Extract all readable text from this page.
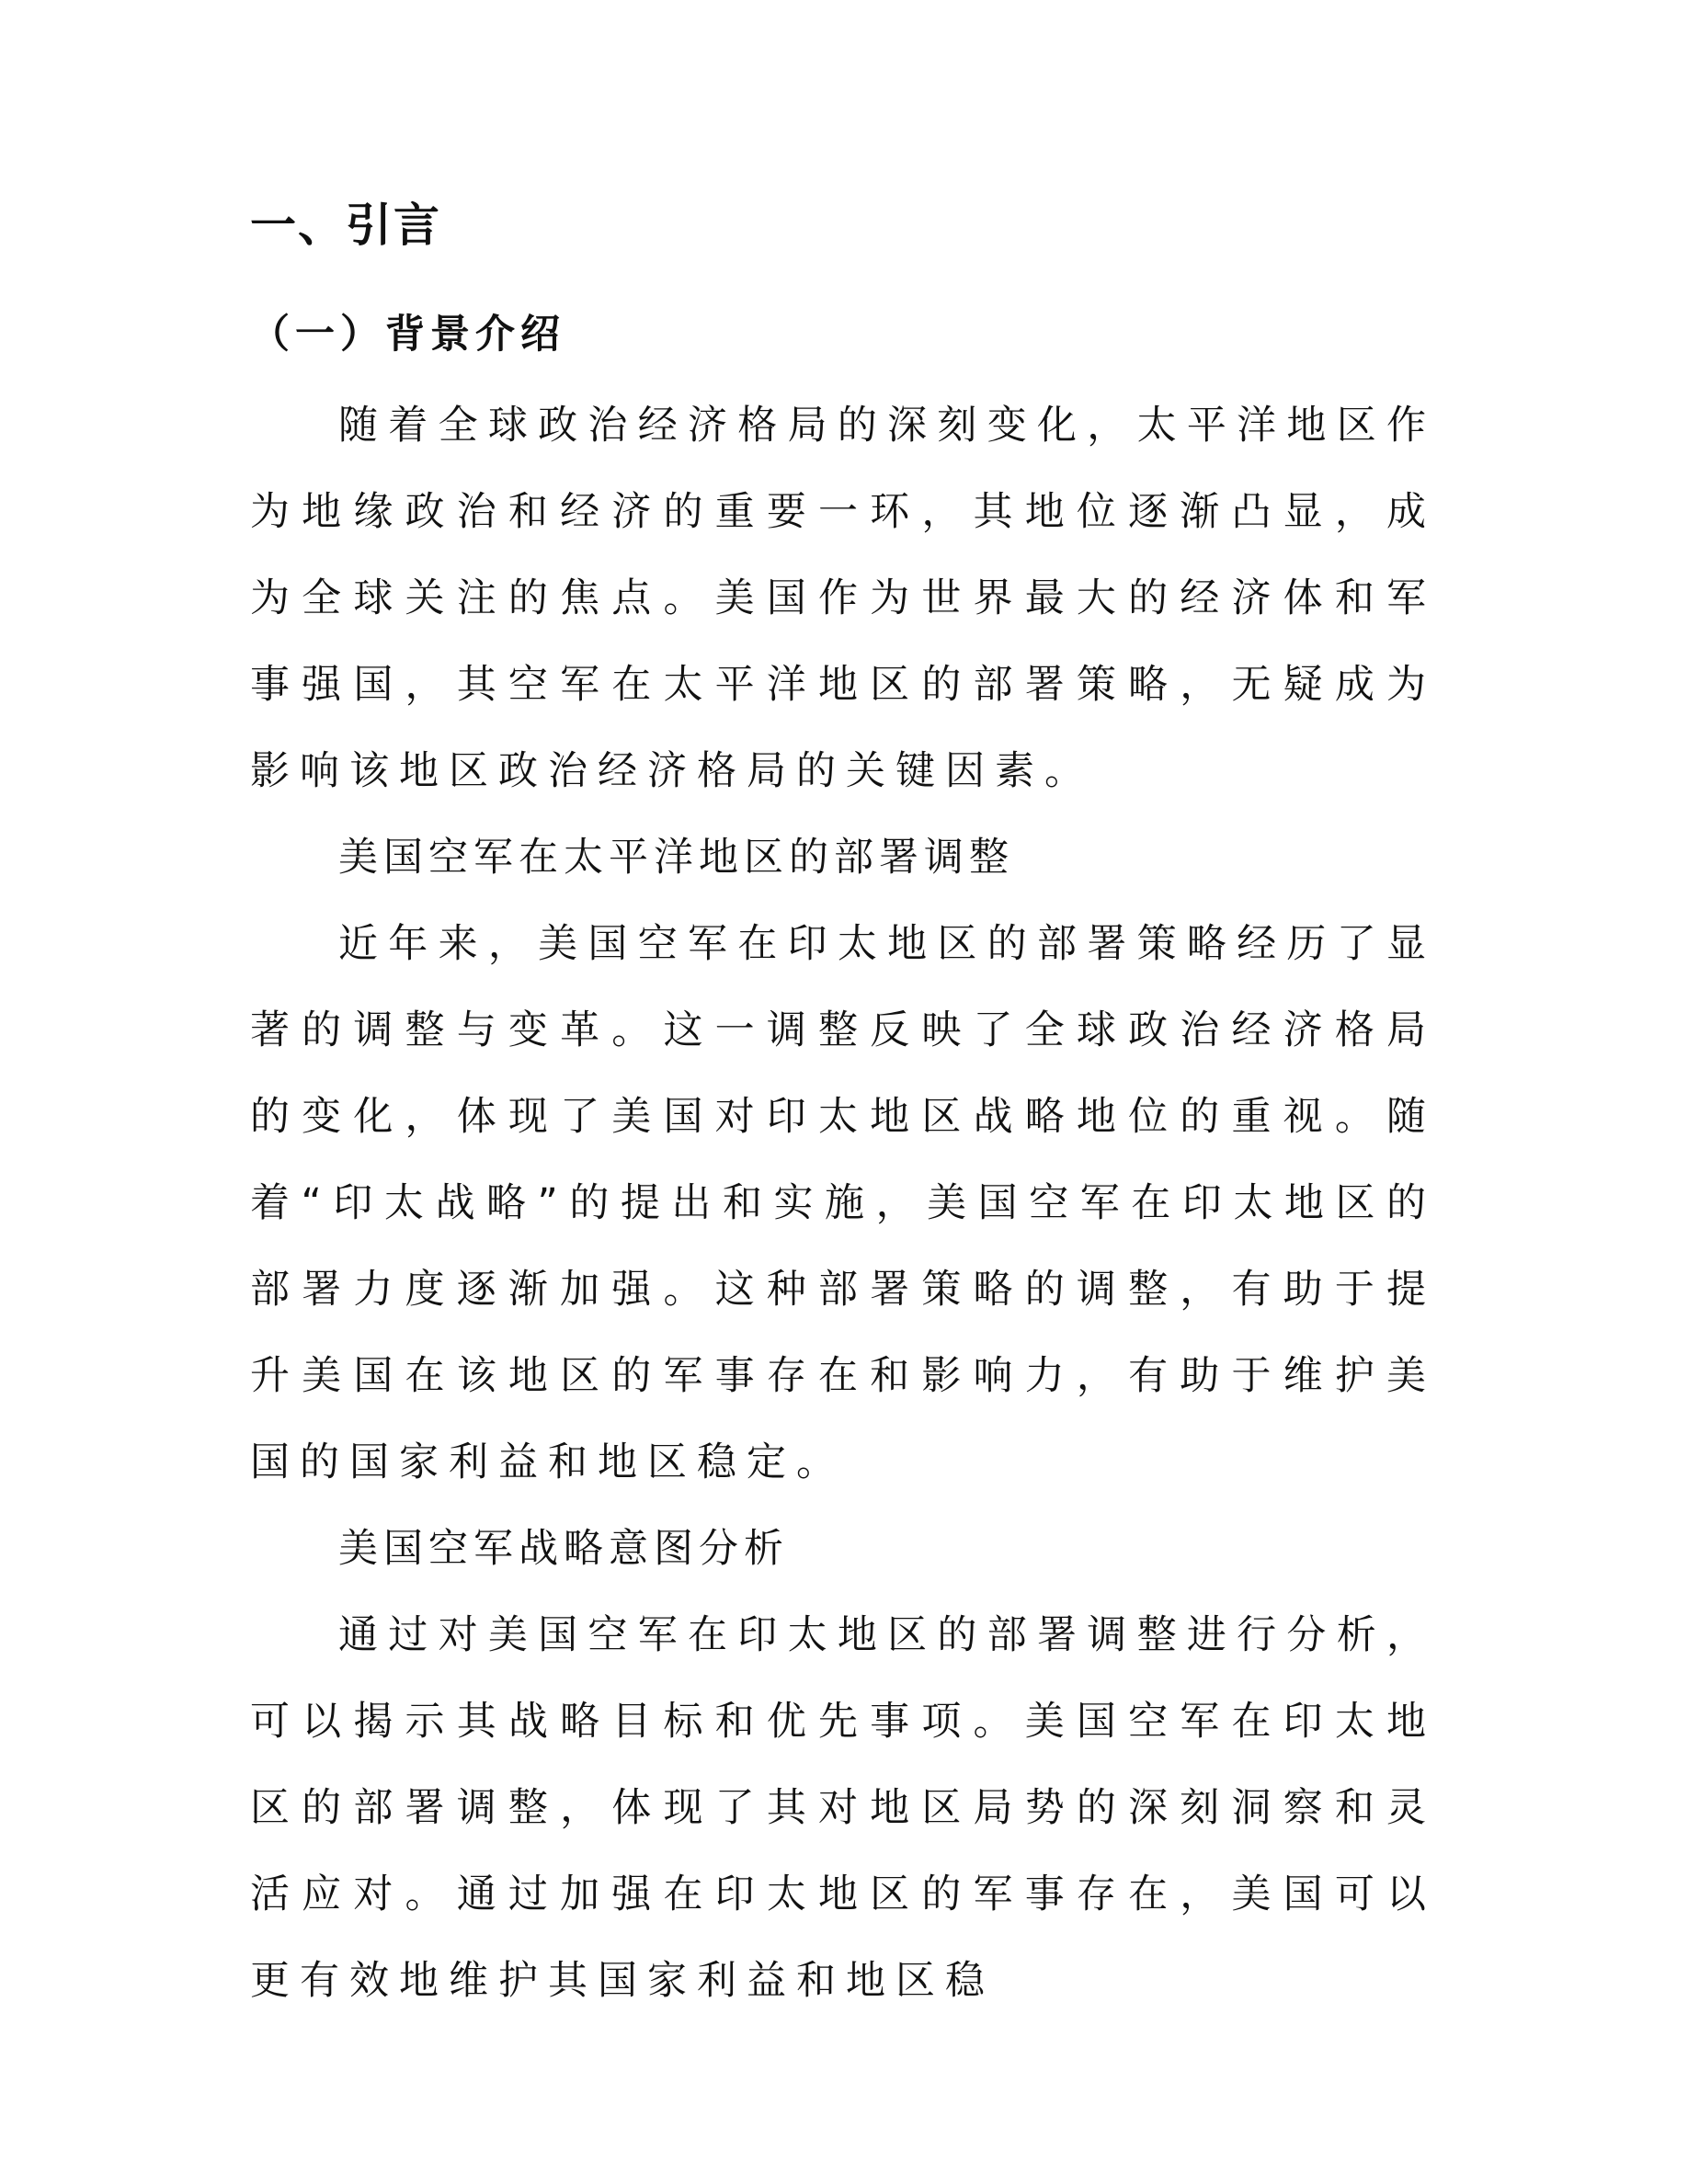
一、引言
（一）背景介绍

随着全球政治经济格局的深刻变化，太平洋地区作为地缘政治和经济的重要一环，其地位逐渐凸显，成为全球关注的焦点。美国作为世界最大的经济体和军事强国，其空军在太平洋地区的部署策略，无疑成为影响该地区政治经济格局的关键因素。

美国空军在太平洋地区的部署调整

近年来，美国空军在印太地区的部署策略经历了显著的调整与变革。这一调整反映了全球政治经济格局的变化，体现了美国对印太地区战略地位的重视。随着“印太战略”的提出和实施，美国空军在印太地区的部署力度逐渐加强。这种部署策略的调整，有助于提升美国在该地区的军事存在和影响力，有助于维护美国的国家利益和地区稳定。

美国空军战略意图分析

通过对美国空军在印太地区的部署调整进行分析，可以揭示其战略目标和优先事项。美国空军在印太地区的部署调整，体现了其对地区局势的深刻洞察和灵活应对。通过加强在印太地区的军事存在，美国可以更有效地维护其国家利益和地区稳
